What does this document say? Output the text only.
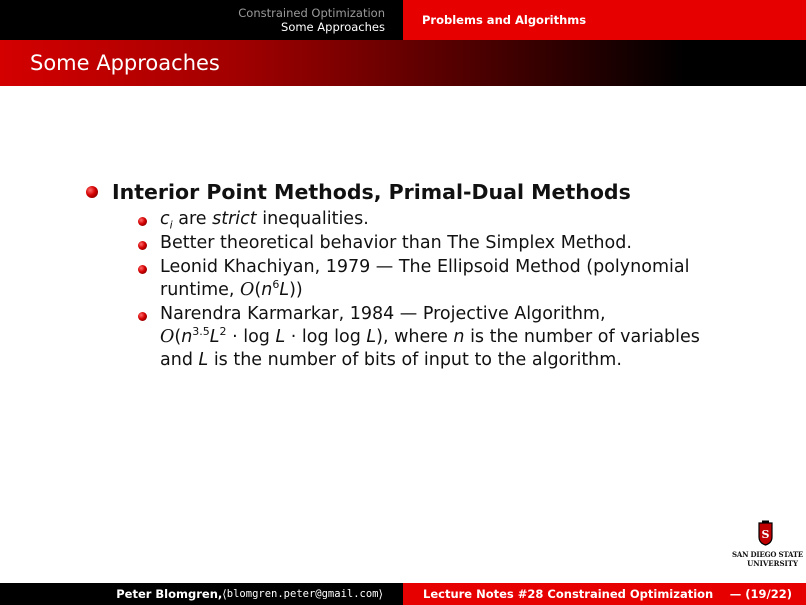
Constrained Optimization
Some Approaches	Problems and Algorithms
Some Approaches
Interior Point Methods, Primal-Dual Methods
$c_i$ are strict inequalities.
Better theoretical behavior than The Simplex Method.
Leonid Khachiyan, 1979 — The Ellipsoid Method (polynomial runtime, $O(n^6L)$)
Narendra Karmarkar, 1984 — Projective Algorithm,
$O(n^{3.5}L^2 \cdot \log L \cdot \log \log L)$, where n is the number of variables and L is the number of bits of input to the algorithm.
S
SAN DIEGO STATE
UNIVERSITY
Peter Blomgren, ⟨ blomgren.peter@gmail.com ⟩	Lecture Notes #28 Constrained Optimization — (19/22)
